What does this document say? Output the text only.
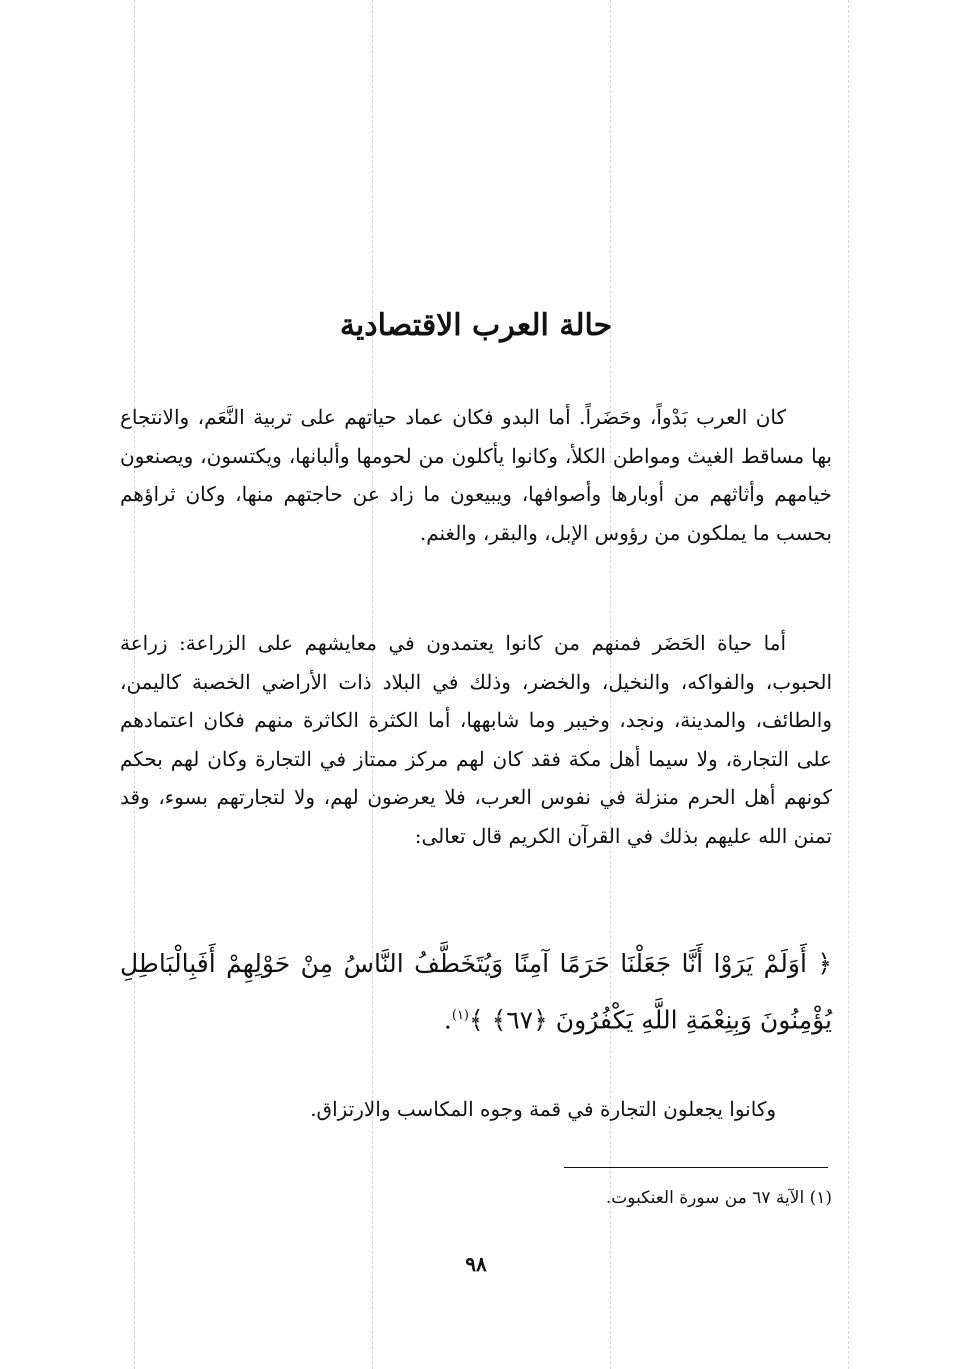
حالة العرب الاقتصادية

كان العرب بَدْواً، وحَضَراً. أما البدو فكان عماد حياتهم على تربية النَّعَم، والانتجاع بها مساقط الغيث ومواطن الكلأ، وكانوا يأكلون من لحومها وألبانها، ويكتسون، ويصنعون خيامهم وأثاثهم من أوبارها وأصوافها، ويبيعون ما زاد عن حاجتهم منها، وكان ثراؤهم بحسب ما يملكون من رؤوس الإبل، والبقر، والغنم.

أما حياة الحَضَر فمنهم من كانوا يعتمدون في معايشهم على الزراعة: زراعة الحبوب، والفواكه، والنخيل، والخضر، وذلك في البلاد ذات الأراضي الخصبة كاليمن، والطائف، والمدينة، ونجد، وخيبر وما شابهها، أما الكثرة الكاثرة منهم فكان اعتمادهم على التجارة، ولا سيما أهل مكة فقد كان لهم مركز ممتاز في التجارة وكان لهم بحكم كونهم أهل الحرم منزلة في نفوس العرب، فلا يعرضون لهم، ولا لتجارتهم بسوء، وقد تمنن الله عليهم بذلك في القرآن الكريم قال تعالى:

﴿ أَوَلَمْ يَرَوْا أَنَّا جَعَلْنَا حَرَمًا آمِنًا وَيُتَخَطَّفُ النَّاسُ مِنْ حَوْلِهِمْ أَفَبِالْبَاطِلِ يُؤْمِنُونَ وَبِنِعْمَةِ اللَّهِ يَكْفُرُونَ ﴿٦٧﴾ ﴾$^{(١)}$.

وكانوا يجعلون التجارة في قمة وجوه المكاسب والارتزاق.

(١) الآية ٦٧ من سورة العنكبوت.

٩٨
